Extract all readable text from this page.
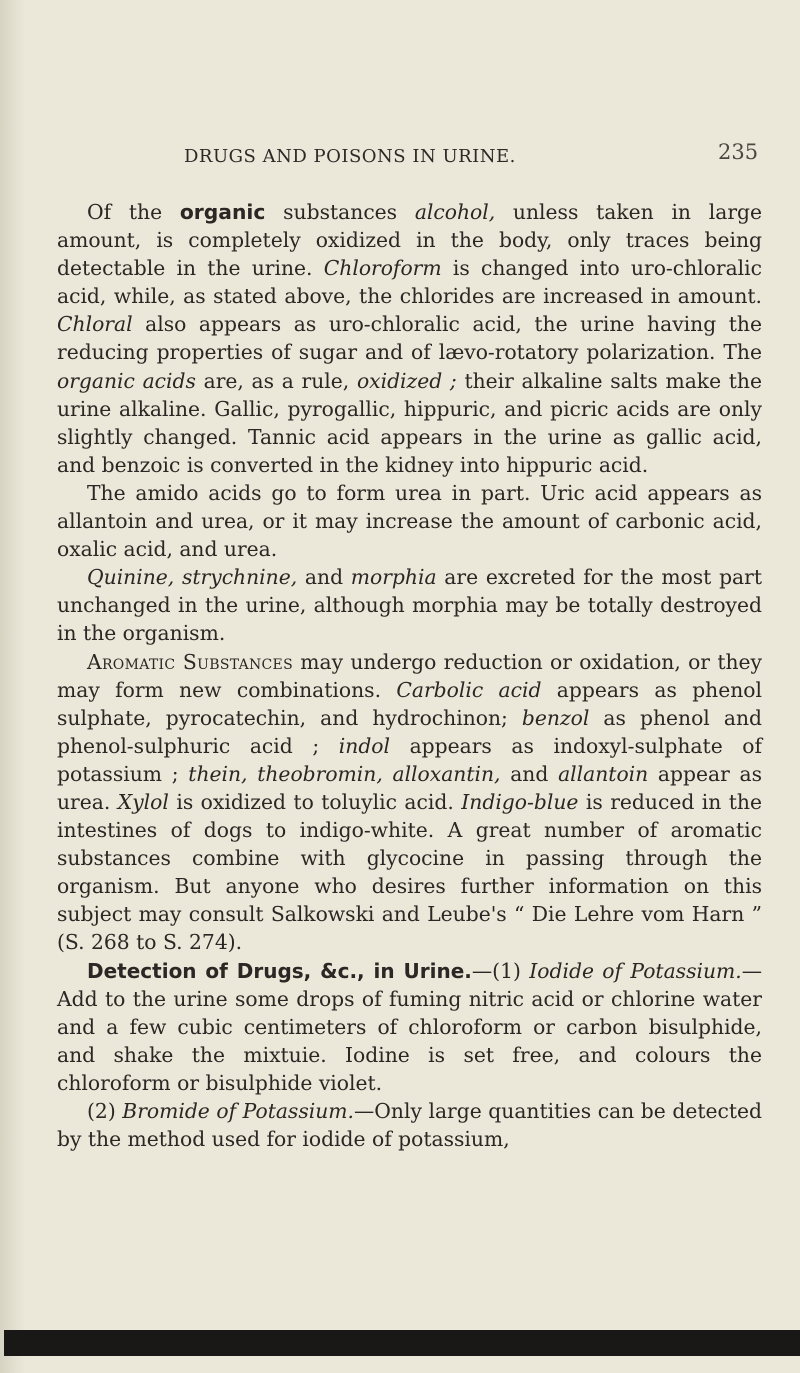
DRUGS AND POISONS IN URINE.	235

Of the organic substances alcohol, unless taken in large amount, is completely oxidized in the body, only traces being detectable in the urine. Chloroform is changed into uro-chloralic acid, while, as stated above, the chlorides are increased in amount. Chloral also appears as uro-chloralic acid, the urine having the reducing properties of sugar and of lævo-rotatory polarization. The organic acids are, as a rule, oxidized ; their alkaline salts make the urine alkaline. Gallic, pyrogallic, hippuric, and picric acids are only slightly changed. Tannic acid appears in the urine as gallic acid, and benzoic is converted in the kidney into hippuric acid.

The amido acids go to form urea in part. Uric acid appears as allantoin and urea, or it may increase the amount of carbonic acid, oxalic acid, and urea.

Quinine, strychnine, and morphia are excreted for the most part unchanged in the urine, although morphia may be totally destroyed in the organism.

Aromatic Substances may undergo reduction or oxidation, or they may form new combinations. Carbolic acid appears as phenol sulphate, pyrocatechin, and hydrochinon; benzol as phenol and phenol-sulphuric acid ; indol appears as indoxyl-sulphate of potassium ; thein, theobromin, alloxantin, and allantoin appear as urea. Xylol is oxidized to toluylic acid. Indigo-blue is reduced in the intestines of dogs to indigo-white. A great number of aromatic substances combine with glycocine in passing through the organism. But anyone who desires further information on this subject may consult Salkowski and Leube's “ Die Lehre vom Harn ” (S. 268 to S. 274).

Detection of Drugs, &c., in Urine.—(1) Iodide of Potassium.—Add to the urine some drops of fuming nitric acid or chlorine water and a few cubic centimeters of chloroform or carbon bisulphide, and shake the mixtuie. Iodine is set free, and colours the chloroform or bisulphide violet.

(2) Bromide of Potassium.—Only large quantities can be detected by the method used for iodide of potassium,
